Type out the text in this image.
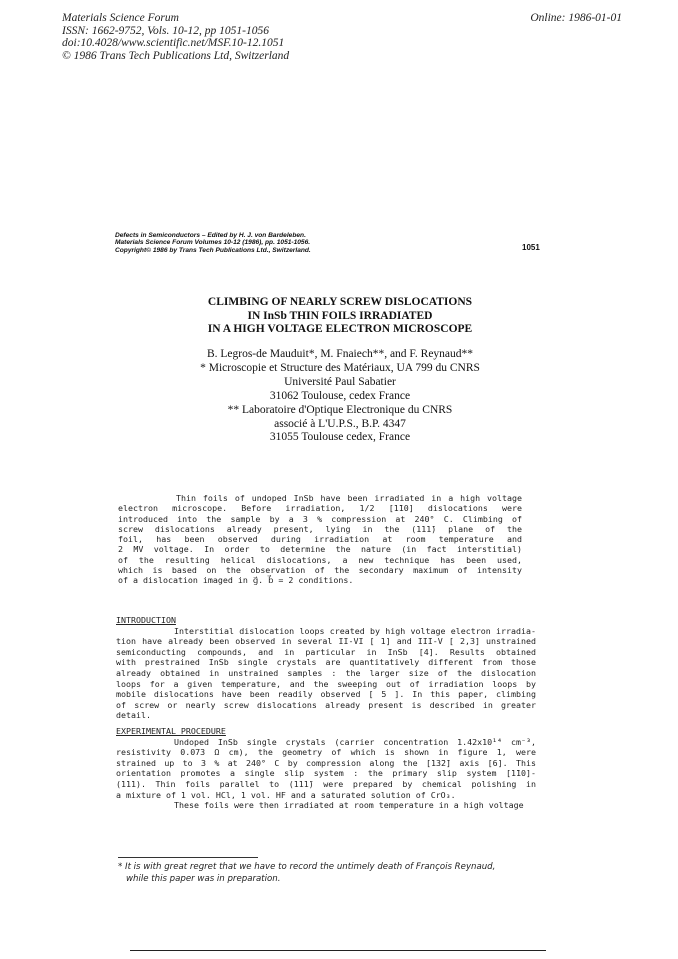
Materials Science Forum
ISSN: 1662-9752, Vols. 10-12, pp 1051-1056
doi:10.4028/www.scientific.net/MSF.10-12.1051
© 1986 Trans Tech Publications Ltd, Switzerland
Online: 1986-01-01
Defects in Semiconductors – Edited by H. J. von Bardeleben.
Materials Science Forum Volumes 10-12 (1986), pp. 1051-1056.
Copyright© 1986 by Trans Tech Publications Ltd., Switzerland.	1051
CLIMBING OF NEARLY SCREW DISLOCATIONS
IN InSb THIN FOILS IRRADIATED
IN A HIGH VOLTAGE ELECTRON MICROSCOPE
B. Legros-de Mauduit*, M. Fnaiech**, and F. Reynaud**
* Microscopie et Structure des Matériaux, UA 799 du CNRS
Université Paul Sabatier
31062 Toulouse, cedex France
** Laboratoire d'Optique Electronique du CNRS
associé à L'U.P.S., B.P. 4347
31055 Toulouse cedex, France
Thin foils of undoped InSb have been irradiated in a high voltage
electron microscope. Before irradiation, 1/2 [1̄10] dislocations were
introduced into the sample by a 3 % compression at 240° C. Climbing of
screw dislocations already present, lying in the (111̄) plane of the
foil, has been observed during irradiation at room temperature and
2 MV voltage. In order to determine the nature (in fact interstitial)
of the resulting helical dislocations, a new technique has been used,
which is based on the observation of the secondary maximum of intensity
of a dislocation imaged in g⃗. b⃗ = 2 conditions.
INTRODUCTION
Interstitial dislocation loops created by high voltage electron irradia-
tion have already been observed in several II-VI [ 1] and III-V [ 2,3] unstrained
semiconducting compounds, and in particular in InSb [4]. Results obtained
with prestrained InSb single crystals are quantitatively different from those
already obtained in unstrained samples : the larger size of the dislocation
loops for a given temperature, and the sweeping out of irradiation loops by
mobile dislocations have been readily observed [ 5 ]. In this paper, climbing
of screw or nearly screw dislocations already present is described in greater
detail.
EXPERIMENTAL PROCEDURE
Undoped InSb single crystals (carrier concentration 1.42x10¹⁴ cm⁻³,
resistivity 0.073 Ω cm), the geometry of which is shown in figure 1, were
strained up to 3 % at 240° C by compression along the [13̄2̄] axis [6]. This
orientation promotes a single slip system : the primary slip system [1̄10]-
(111). Thin foils parallel to (111̄) were prepared by chemical polishing in
a mixture of 1 vol. HCl, 1 vol. HF and a saturated solution of CrO₃.
These foils were then irradiated at room temperature in a high voltage
* It is with great regret that we have to record the untimely death of François Reynaud,
while this paper was in preparation.
